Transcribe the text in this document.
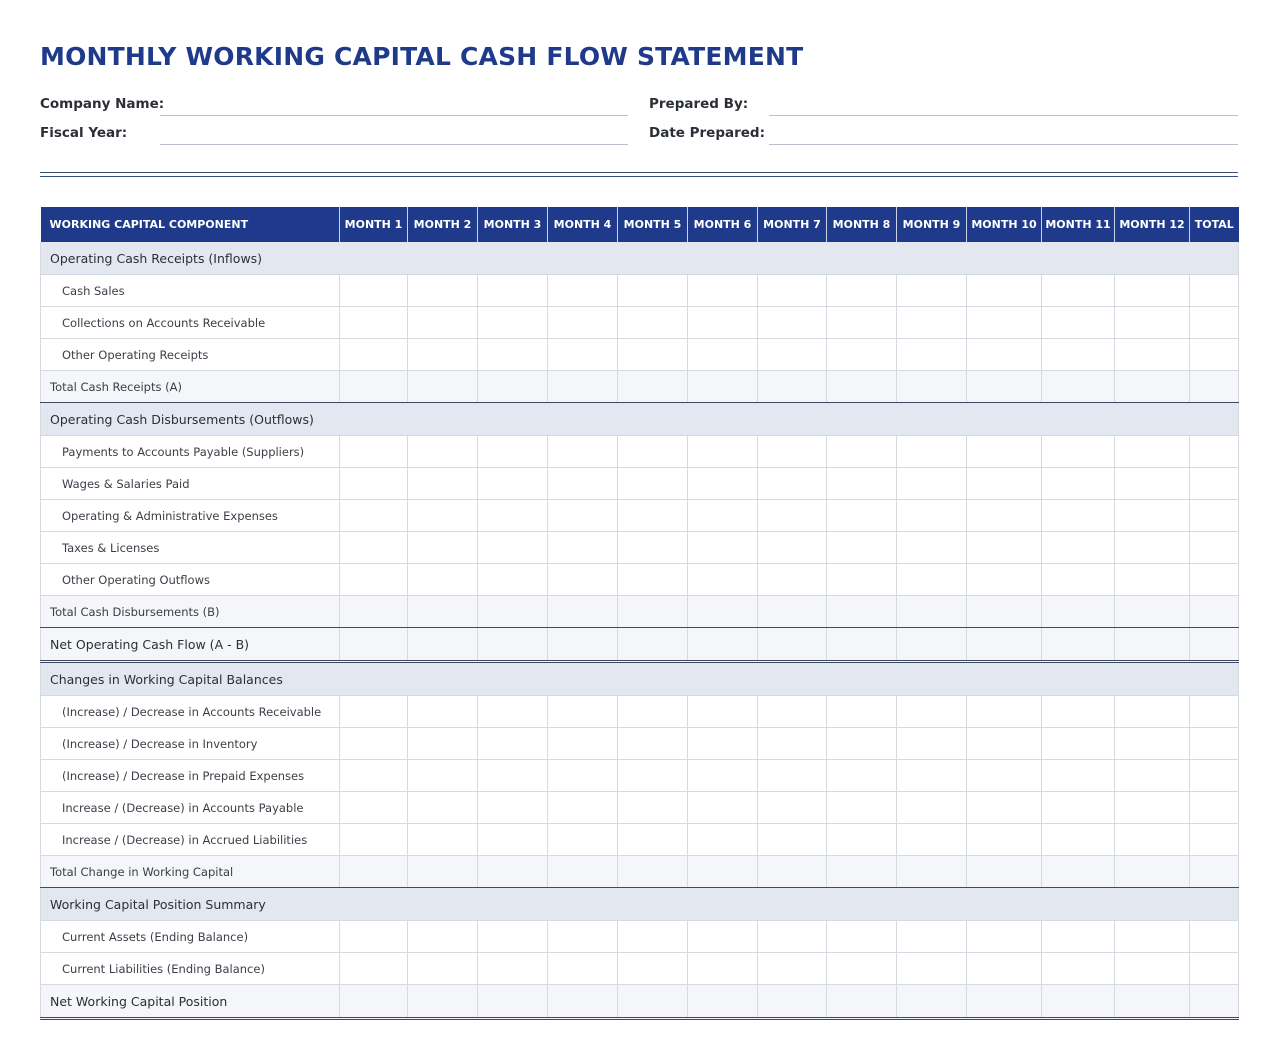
MONTHLY WORKING CAPITAL CASH FLOW STATEMENT
Company Name:	Prepared By:
Fiscal Year:	Date Prepared:
WORKING CAPITAL COMPONENT	MONTH 1	MONTH 2	MONTH 3	MONTH 4	MONTH 5	MONTH 6	MONTH 7	MONTH 8	MONTH 9	MONTH 10	MONTH 11	MONTH 12	TOTAL
Operating Cash Receipts (Inflows)													
Cash Sales													
Collections on Accounts Receivable													
Other Operating Receipts													
Total Cash Receipts (A)													
Operating Cash Disbursements (Outflows)													
Payments to Accounts Payable (Suppliers)													
Wages & Salaries Paid													
Operating & Administrative Expenses													
Taxes & Licenses													
Other Operating Outflows													
Total Cash Disbursements (B)													
Net Operating Cash Flow (A - B)													
Changes in Working Capital Balances													
(Increase) / Decrease in Accounts Receivable													
(Increase) / Decrease in Inventory													
(Increase) / Decrease in Prepaid Expenses													
Increase / (Decrease) in Accounts Payable													
Increase / (Decrease) in Accrued Liabilities													
Total Change in Working Capital													
Working Capital Position Summary													
Current Assets (Ending Balance)													
Current Liabilities (Ending Balance)													
Net Working Capital Position													
